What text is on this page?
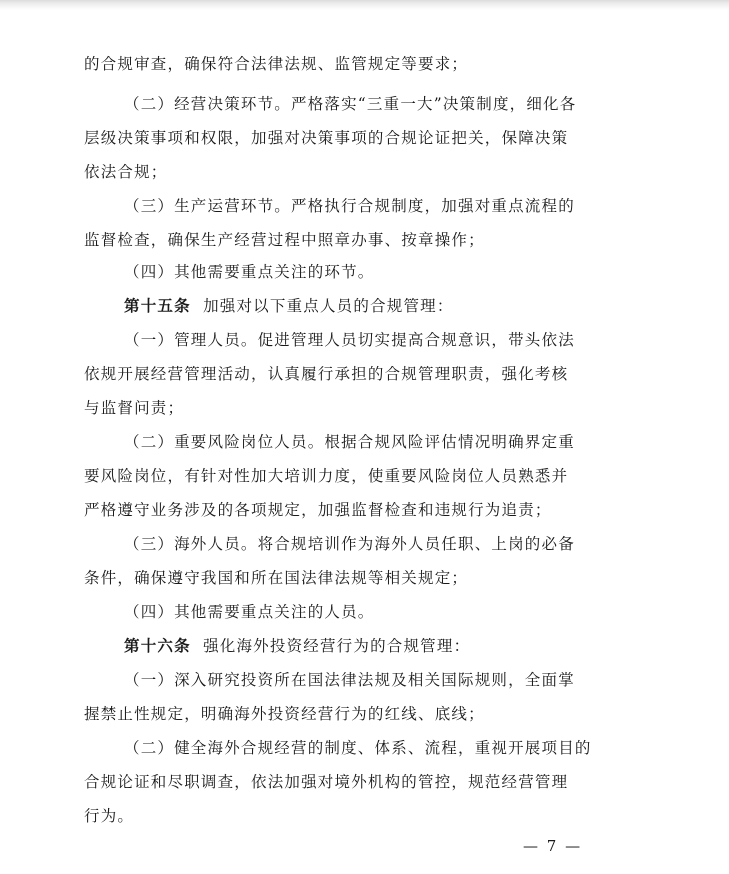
的合规审查，确保符合法律法规、监管规定等要求；
（二）经营决策环节。严格落实“三重一大”决策制度，细化各
层级决策事项和权限，加强对决策事项的合规论证把关，保障决策
依法合规；
（三）生产运营环节。严格执行合规制度，加强对重点流程的
监督检查，确保生产经营过程中照章办事、按章操作；
（四）其他需要重点关注的环节。
第十五条 加强对以下重点人员的合规管理：
（一）管理人员。促进管理人员切实提高合规意识，带头依法
依规开展经营管理活动，认真履行承担的合规管理职责，强化考核
与监督问责；
（二）重要风险岗位人员。根据合规风险评估情况明确界定重
要风险岗位，有针对性加大培训力度，使重要风险岗位人员熟悉并
严格遵守业务涉及的各项规定，加强监督检查和违规行为追责；
（三）海外人员。将合规培训作为海外人员任职、上岗的必备
条件，确保遵守我国和所在国法律法规等相关规定；
（四）其他需要重点关注的人员。
第十六条 强化海外投资经营行为的合规管理：
（一）深入研究投资所在国法律法规及相关国际规则，全面掌
握禁止性规定，明确海外投资经营行为的红线、底线；
（二）健全海外合规经营的制度、体系、流程，重视开展项目的
合规论证和尽职调查，依法加强对境外机构的管控，规范经营管理
行为。
— 7 —
